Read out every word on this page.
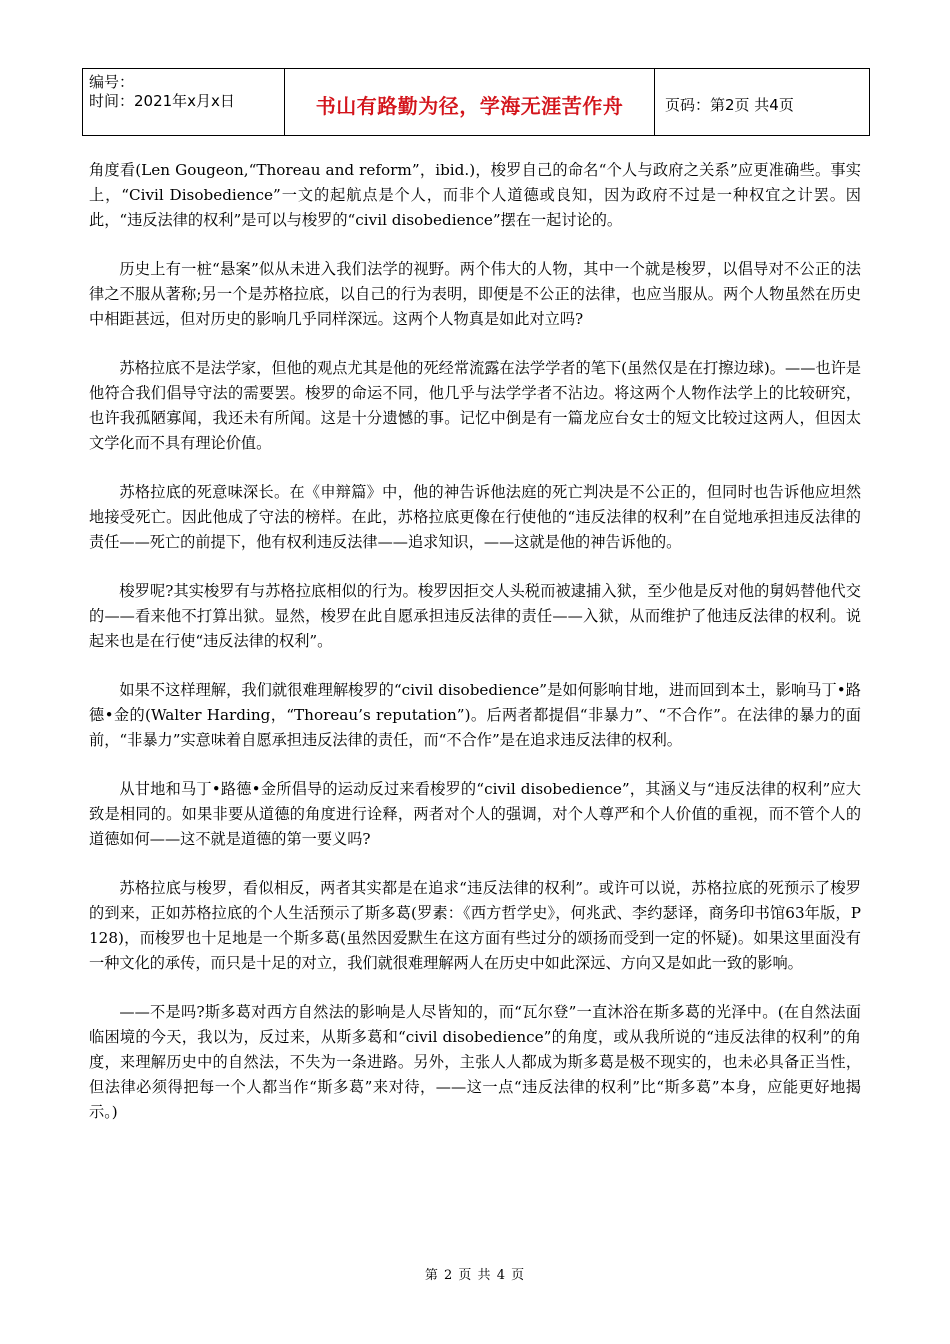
编号：
时间：2021年x月x日	书山有路勤为径，学海无涯苦作舟	页码：第2页 共4页

角度看(Len Gougeon,“Thoreau and reform”，ibid.)，梭罗自己的命名“个人与政府之关系”应更准确些。事实上，“Civil Disobedience”一文的起航点是个人，而非个人道德或良知，因为政府不过是一种权宜之计罢。因此，“违反法律的权利”是可以与梭罗的“civil disobedience”摆在一起讨论的。

历史上有一桩“悬案”似从未进入我们法学的视野。两个伟大的人物，其中一个就是梭罗，以倡导对不公正的法律之不服从著称;另一个是苏格拉底，以自己的行为表明，即便是不公正的法律，也应当服从。两个人物虽然在历史中相距甚远，但对历史的影响几乎同样深远。这两个人物真是如此对立吗?

苏格拉底不是法学家，但他的观点尤其是他的死经常流露在法学学者的笔下(虽然仅是在打擦边球)。——也许是他符合我们倡导守法的需要罢。梭罗的命运不同，他几乎与法学学者不沾边。将这两个人物作法学上的比较研究，也许我孤陋寡闻，我还未有所闻。这是十分遗憾的事。记忆中倒是有一篇龙应台女士的短文比较过这两人，但因太文学化而不具有理论价值。

苏格拉底的死意味深长。在《申辩篇》中，他的神告诉他法庭的死亡判决是不公正的，但同时也告诉他应坦然地接受死亡。因此他成了守法的榜样。在此，苏格拉底更像在行使他的“违反法律的权利”在自觉地承担违反法律的责任——死亡的前提下，他有权利违反法律——追求知识，——这就是他的神告诉他的。

梭罗呢?其实梭罗有与苏格拉底相似的行为。梭罗因拒交人头税而被逮捕入狱，至少他是反对他的舅妈替他代交的——看来他不打算出狱。显然，梭罗在此自愿承担违反法律的责任——入狱，从而维护了他违反法律的权利。说起来也是在行使“违反法律的权利”。

如果不这样理解，我们就很难理解梭罗的“civil disobedience”是如何影响甘地，进而回到本土，影响马丁•路德•金的(Walter Harding，“Thoreau’s reputation”)。后两者都提倡“非暴力”、“不合作”。在法律的暴力的面前，“非暴力”实意味着自愿承担违反法律的责任，而“不合作”是在追求违反法律的权利。

从甘地和马丁•路德•金所倡导的运动反过来看梭罗的“civil disobedience”，其涵义与“违反法律的权利”应大致是相同的。如果非要从道德的角度进行诠释，两者对个人的强调，对个人尊严和个人价值的重视，而不管个人的道德如何——这不就是道德的第一要义吗?

苏格拉底与梭罗，看似相反，两者其实都是在追求“违反法律的权利”。或许可以说，苏格拉底的死预示了梭罗的到来，正如苏格拉底的个人生活预示了斯多葛(罗素：《西方哲学史》，何兆武、李约瑟译，商务印书馆63年版，P128)，而梭罗也十足地是一个斯多葛(虽然因爱默生在这方面有些过分的颂扬而受到一定的怀疑)。如果这里面没有一种文化的承传，而只是十足的对立，我们就很难理解两人在历史中如此深远、方向又是如此一致的影响。

——不是吗?斯多葛对西方自然法的影响是人尽皆知的，而“瓦尔登”一直沐浴在斯多葛的光泽中。(在自然法面临困境的今天，我以为，反过来，从斯多葛和“civil disobedience”的角度，或从我所说的“违反法律的权利”的角度，来理解历史中的自然法，不失为一条进路。另外，主张人人都成为斯多葛是极不现实的，也未必具备正当性，但法律必须得把每一个人都当作“斯多葛”来对待，——这一点“违反法律的权利”比“斯多葛”本身，应能更好地揭示。)

第 2 页 共 4 页
